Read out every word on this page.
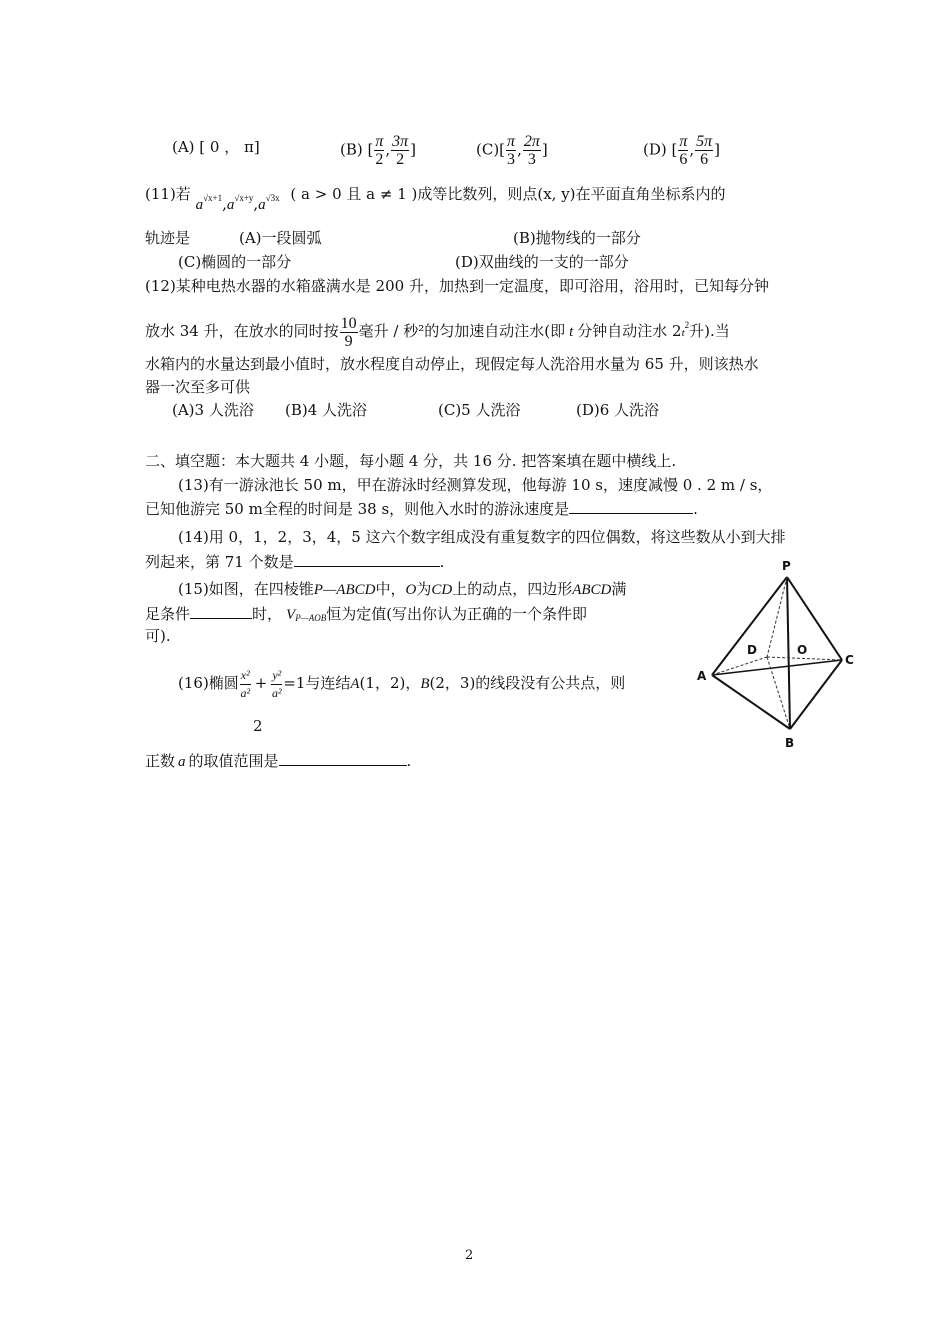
(A) [ 0 ， π]	(B) [ $\frac{\pi}{2}$ , $\frac{3\pi}{2}$ ]	$(C)[ \frac{\pi}{3}$ , $\frac{2\pi}{3}$ ]	(D) [ $\frac{\pi}{6}$ , $\frac{5\pi}{6}$ ]
(11)若 $a^{√x+1},a^{√x+y},a^{√3x}$ ( a > 0 且 a ≠ 1 )成等比数列，则点(x, y)在平面直角坐标系内的
轨迹是	(A)一段圆弧	(B)抛物线的一部分
(C)椭圆的一部分	(D)双曲线的一支的一部分
(12)某种电热水器的水箱盛满水是 200 升，加热到一定温度，即可浴用，浴用时，已知每分钟
放水 34 升，在放水的同时按 $\frac{10}{9}$ 毫升 / 秒²的匀加速自动注水(即 t 分钟自动注水 $2t^2$升).当
水箱内的水量达到最小值时，放水程度自动停止，现假定每人洗浴用水量为 65 升，则该热水
器一次至多可供
(A)3 人洗浴 (B)4 人洗浴	(C)5 人洗浴	(D)6 人洗浴
二、填空题：本大题共 4 小题，每小题 4 分，共 16 分. 把答案填在题中横线上.
(13)有一游泳池长 50 m，甲在游泳时经测算发现，他每游 10 s，速度减慢 0 . 2 m / s，
已知他游完 50 m全程的时间是 38 s，则他入水时的游泳速度是	.
(14)用 0，1，2，3，4，5 这六个数字组成没有重复数字的四位偶数，将这些数从小到大排
列起来，第 71 个数是	.
(15)如图，在四棱锥P—ABCD中，O为CD上的动点，四边形ABCD满
足条件	时， $V_{P—AOB}$恒为定值(写出你认为正确的一个条件即
可).
(16)椭圆 $\frac{\text{x²}}{\text{a²}} + \frac{\text{y²}}{\text{a²}} =1$与连结A(1，2)，B(2，3)的线段没有公共点，则
2
正数 a 的取值范围是	.
P
A
B
C
D	O
2
